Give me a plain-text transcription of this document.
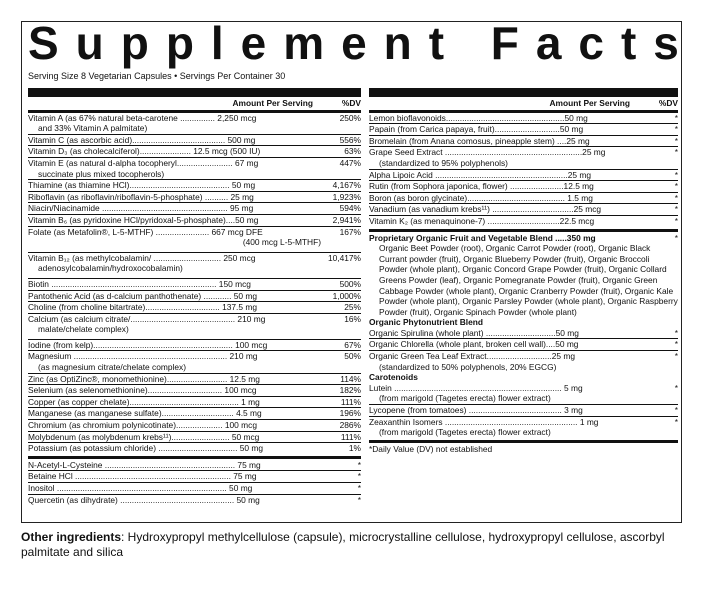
S u p p l e m e n t
F a c t s
Serving Size 8 Vegetarian Capsules • Servings Per Container 30
Amount Per Serving	%DV
Vitamin A (as 67% natural beta-carotene ............... 2,250 mcg	250%
and 33% Vitamin A palmitate)
Vitamin C (as ascorbic acid)........................................ 500 mg	556%
Vitamin D₃ (as cholecalciferol)...................... 12.5 mcg (500 IU)	63%
Vitamin E (as natural d-alpha tocopheryl........................ 67 mg	447%
succinate plus mixed tocopherols)
Thiamine (as thiamine HCl)........................................... 50 mg	4,167%
Riboflavin (as riboflavin/riboflavin-5-phosphate) .......... 25 mg	1,923%
Niacin/Niacinamide ...................................................... 95 mg	594%
Vitamin B₆ (as pyridoxine HCl/pyridoxal-5-phosphate)....50 mg	2,941%
Folate (as Metafolin®, L-5-MTHF) ....................... 667 mcg DFE	167%
(400 mcg L-5-MTHF)
Vitamin B₁₂ (as methylcobalamin/ ............................. 250 mcg	10,417%
adenosylcobalamin/hydroxocobalamin)
Biotin ....................................................................... 150 mcg	500%
Pantothenic Acid (as d-calcium panthothenate) ............ 50 mg	1,000%
Choline (from choline bitartrate)................................ 137.5 mg	25%
Calcium (as calcium citrate/............................................. 210 mg	16%
malate/chelate complex)
Iodine (from kelp)............................................................ 100 mcg	67%
Magnesium .................................................................. 210 mg	50%
(as magnesium citrate/chelate complex)
Zinc (as OptiZinc®, monomethionine).......................... 12.5 mg	114%
Selenium (as selenomethionine)................................ 100 mcg	182%
Copper (as copper chelate)............................................... 1 mg	111%
Manganese (as manganese sulfate)............................... 4.5 mg	196%
Chromium (as chromium polynicotinate).................... 100 mcg	286%
Molybdenum (as molybdenum krebs¹¹)......................... 50 mcg	111%
Potassium (as potassium chloride) .................................. 50 mg	1%
N-Acetyl-L-Cysteine ........................................................ 75 mg	*
Betaine HCl ................................................................... 75 mg	*
Inositol ......................................................................... 50 mg	*
Quercetin (as dihydrate) ................................................. 50 mg	*
Amount Per Serving	%DV
Lemon bioflavonoids...................................................50 mg	*
Papain (from Carica papaya, fruit)............................50 mg	*
Bromelain (from Anana comosus, pineapple stem) ....25 mg	*
Grape Seed Extract ...........................................................25 mg	*
(standardized to 95% polyphenols)
Alpha Lipoic Acid .........................................................25 mg	*
Rutin (from Sophora japonica, flower) .......................12.5 mg	*
Boron (as boron glycinate).......................................... 1.5 mg	*
Vanadium (as vanadium krebs¹¹) ...................................25 mcg	*
Vitamin K₂ (as menaquinone-7) ...............................22.5 mcg	*
Proprietary Organic Fruit and Vegetable Blend .....350 mg	*
Organic Beet Powder (root), Organic Carrot Powder (root), Organic Black Currant powder (fruit), Organic Blueberry Powder (fruit), Organic Broccoli Powder (whole plant), Organic Concord Grape Powder (fruit), Organic Collard Greens Powder (leaf), Organic Pomegranate Powder (fruit), Organic Green Cabbage Powder (whole plant), Organic Cranberry Powder (fruit), Organic Kale Powder (whole plant), Organic Parsley Powder (whole plant), Organic Raspberry Powder (fruit), Organic Spinach Powder (whole plant)
Organic Phytonutrient Blend
Organic Spirulina (whole plant) ..............................50 mg	*
Organic Chlorella (whole plant, broken cell wall)....50 mg	*
Organic Green Tea Leaf Extract............................25 mg	*
(standardized to 50% polyphenols, 20% EGCG)
Carotenoids
Lutein ........................................................................ 5 mg	*
(from marigold (Tagetes erecta) flower extract)
Lycopene (from tomatoes) ........................................ 3 mg	*
Zeaxanthin Isomers ......................................................... 1 mg	*
(from marigold (Tagetes erecta) flower extract)
*Daily Value (DV) not established
Other ingredients: Hydroxypropyl methylcellulose (capsule), microcrystalline cellulose, hydroxypropyl cellulose, ascorbyl palmitate and silica
